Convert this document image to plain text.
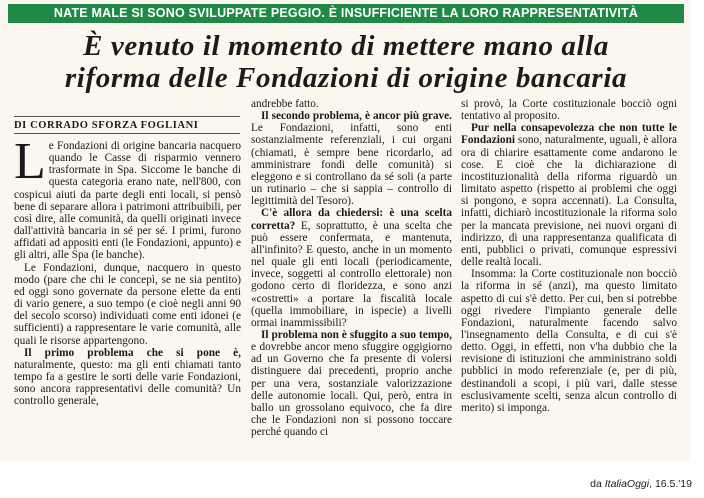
NATE MALE SI SONO SVILUPPATE PEGGIO. È INSUFFICIENTE LA LORO RAPPRESENTATIVITÀ
È venuto il momento di mettere mano alla
riforma delle Fondazioni di origine bancaria
DI CORRADO SFORZA FOGLIANI

Le Fondazioni di origine bancaria nacquero quando le Casse di risparmio vennero trasformate in Spa. Siccome le banche di questa categoria erano nate, nell'800, con cospicui aiuti da parte degli enti locali, si pensò bene di separare allora i patrimoni attribuibili, per così dire, alle comunità, da quelli originati invece dall'attività bancaria in sé per sé. I primi, furono affidati ad appositi enti (le Fondazioni, appunto) e gli altri, alle Spa (le banche).

Le Fondazioni, dunque, nacquero in questo modo (pare che chi le concepì, se ne sia pentito) ed oggi sono governate da persone elette da enti di vario genere, a suo tempo (e cioè negli anni 90 del secolo scorso) individuati come enti idonei (e sufficienti) a rappresentare le varie comunità, alle quali le risorse appartengono.

Il primo problema che si pone è, naturalmente, questo: ma gli enti chiamati tanto tempo fa a gestire le sorti delle varie Fondazioni, sono ancora rappresentativi delle comunità? Un controllo generale,

andrebbe fatto.

Il secondo problema, è ancor più grave. Le Fondazioni, infatti, sono enti sostanzialmente referenziali, i cui organi (chiamati, è sempre bene ricordarlo, ad amministrare fondi delle comunità) si eleggono e si controllano da sé soli (a parte un rutinario – che si sappia – controllo di legittimità del Tesoro).

C'è allora da chiedersi: è una scelta corretta? E, soprattutto, è una scelta che può essere confermata, e mantenuta, all'infinito? E questo, anche in un momento nel quale gli enti locali (periodicamente, invece, soggetti al controllo elettorale) non godono certo di floridezza, e sono anzi «costretti» a portare la fiscalità locale (quella immobiliare, in ispecie) a livelli ormai inammissibili?

Il problema non è sfuggito a suo tempo, e dovrebbe ancor meno sfuggire oggigiorno ad un Governo che fa presente di volersi distinguere dai precedenti, proprio anche per una vera, sostanziale valorizzazione delle autonomie locali. Qui, però, entra in ballo un grossolano equivoco, che fa dire che le Fondazioni non si possono toccare perché quando ci

si provò, la Corte costituzionale bocciò ogni tentativo al proposito.

Pur nella consapevolezza che non tutte le Fondazioni sono, naturalmente, uguali, è allora ora di chiarire esattamente come andarono le cose. E cioè che la dichiarazione di incostituzionalità della riforma riguardò un limitato aspetto (rispetto ai problemi che oggi si pongono, e sopra accennati). La Consulta, infatti, dichiarò incostituzionale la riforma solo per la mancata previsione, nei nuovi organi di indirizzo, di una rappresentanza qualificata di enti, pubblici o privati, comunque espressivi delle realtà locali.

Insomma: la Corte costituzionale non bocciò la riforma in sé (anzi), ma questo limitato aspetto di cui s'è detto. Per cui, ben si potrebbe oggi rivedere l'impianto generale delle Fondazioni, naturalmente facendo salvo l'insegnamento della Consulta, e di cui s'è detto. Oggi, in effetti, non v'ha dubbio che la revisione di istituzioni che amministrano soldi pubblici in modo referenziale (e, per di più, destinandoli a scopi, i più vari, dalle stesse esclusivamente scelti, senza alcun controllo di merito) si imponga.

da ItaliaOggi, 16.5.'19
